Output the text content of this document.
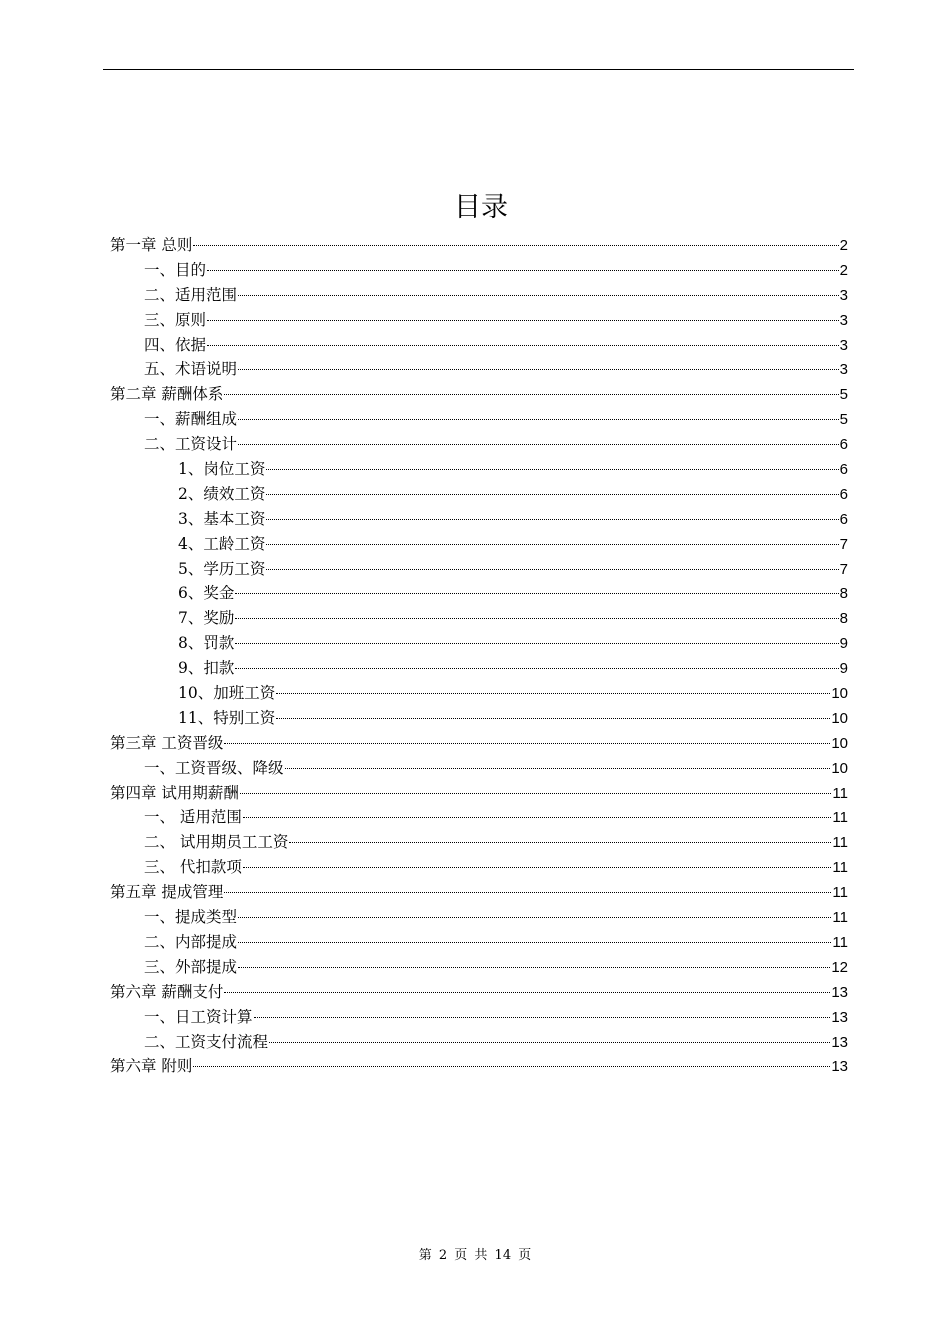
目录
第一章 总则	2
一、目的	2
二、适用范围	3
三、原则	3
四、依据	3
五、术语说明	3
第二章 薪酬体系	5
一、薪酬组成	5
二、工资设计	6
1、岗位工资	6
2、绩效工资	6
3、基本工资	6
4、工龄工资	7
5、学历工资	7
6、奖金	8
7、奖励	8
8、罚款	9
9、扣款	9
10、加班工资	10
11、特别工资	10
第三章 工资晋级	10
一、工资晋级、降级	10
第四章 试用期薪酬	11
一、 适用范围	11
二、 试用期员工工资	11
三、 代扣款项	11
第五章 提成管理	11
一、提成类型	11
二、内部提成	11
三、外部提成	12
第六章 薪酬支付	13
一、日工资计算	13
二、工资支付流程	13
第六章 附则	13
第 2 页 共 14 页
